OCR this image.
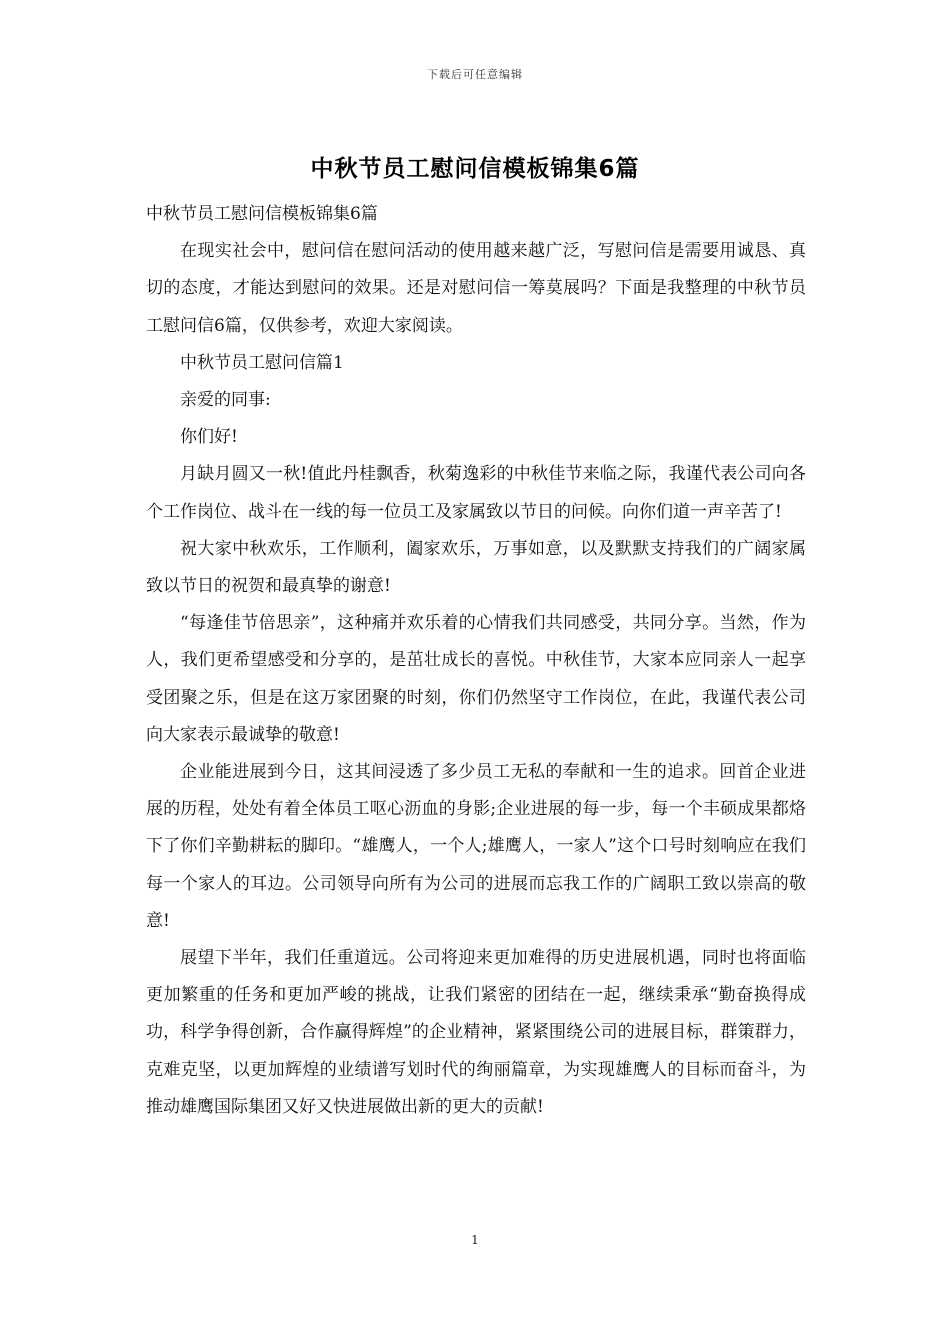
下载后可任意编辑
中秋节员工慰问信模板锦集6篇

中秋节员工慰问信模板锦集6篇

在现实社会中，慰问信在慰问活动的使用越来越广泛，写慰问信是需要用诚恳、真切的态度，才能达到慰问的效果。还是对慰问信一筹莫展吗？下面是我整理的中秋节员工慰问信6篇，仅供参考，欢迎大家阅读。

中秋节员工慰问信篇1

亲爱的同事:

你们好!

月缺月圆又一秋!值此丹桂飘香，秋菊逸彩的中秋佳节来临之际，我谨代表公司向各个工作岗位、战斗在一线的每一位员工及家属致以节日的问候。向你们道一声辛苦了!

祝大家中秋欢乐，工作顺利，阖家欢乐，万事如意，以及默默支持我们的广阔家属致以节日的祝贺和最真挚的谢意!

“每逢佳节倍思亲”，这种痛并欢乐着的心情我们共同感受，共同分享。当然，作为人，我们更希望感受和分享的，是茁壮成长的喜悦。中秋佳节，大家本应同亲人一起享受团聚之乐，但是在这万家团聚的时刻，你们仍然坚守工作岗位，在此，我谨代表公司向大家表示最诚挚的敬意!

企业能进展到今日，这其间浸透了多少员工无私的奉献和一生的追求。回首企业进展的历程，处处有着全体员工呕心沥血的身影;企业进展的每一步，每一个丰硕成果都烙下了你们辛勤耕耘的脚印。“雄鹰人，一个人;雄鹰人，一家人”这个口号时刻响应在我们每一个家人的耳边。公司领导向所有为公司的进展而忘我工作的广阔职工致以崇高的敬意!

展望下半年，我们任重道远。公司将迎来更加难得的历史进展机遇，同时也将面临更加繁重的任务和更加严峻的挑战，让我们紧密的团结在一起，继续秉承“勤奋换得成功，科学争得创新，合作赢得辉煌”的企业精神，紧紧围绕公司的进展目标，群策群力，克难克坚，以更加辉煌的业绩谱写划时代的绚丽篇章，为实现雄鹰人的目标而奋斗，为推动雄鹰国际集团又好又快进展做出新的更大的贡献!

1
